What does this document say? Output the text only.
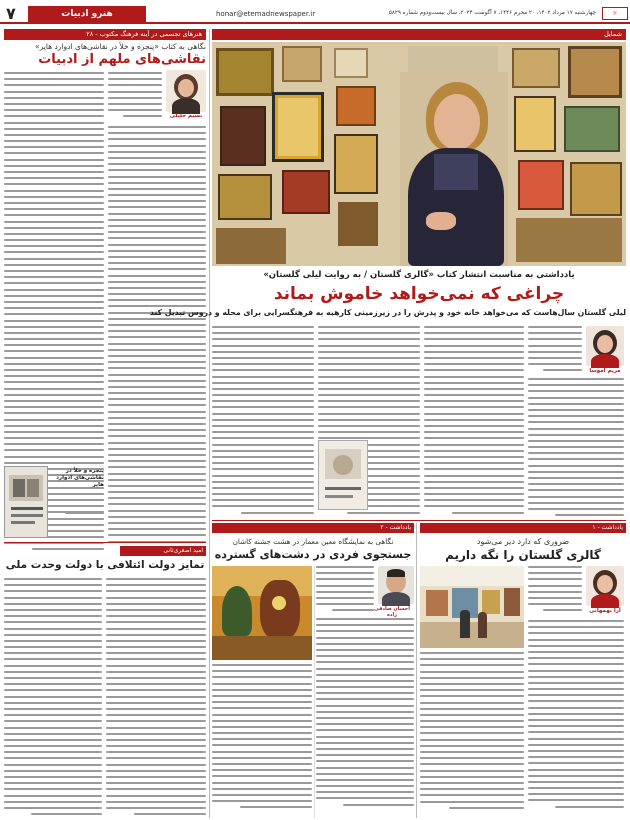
۷	هنرو ادبیات	honar@etemadnewspaper.ir	چهارشنبه ۱۷ مرداد ۱۴۰۲، ۲۰ محرم ۱۴۴۶، ۷ آگوست ۲۰۲۴، سال بیست‌ودوم شماره ۵۸۲۹	☼
هنرهای تجسمی در آینه فرهنگ مکتوب - ۲۸
نگاهی به کتاب «پنجره و خلأ در نقاشی‌های ادوارد هاپر»
نقاشی‌های ملهم از ادبیات
نسیم خلیلی
پنجره و خلأ در نقاشی‌های ادوارد هاپر
امید اصغری‌ثانی
تمایز دولت ائتلافی با دولت وحدت ملی
شمایل
یادداشتی به مناسبت انتشار کتاب «گالری گلستان / به روایت لیلی گلستان»
چراغی که نمی‌خواهد خاموش بماند
لیلی گلستان سال‌هاست که می‌خواهد خانه خود و پدرش را در زیرزمینی کارهیه به فرهنگسرایی برای محله و دروس تبدیل کند
مریم آموسا
یادداشت - ۱
ضروری که دارد دیر می‌شود
گالری گلستان را نگه داریم
آرا بهمهانی
یادداشت - ۲
نگاهی به نمایشگاه معین معمار در هشت جشنه کاشان
جستجوی فردی در دشت‌های گسترده
احسان صادقی زاده
